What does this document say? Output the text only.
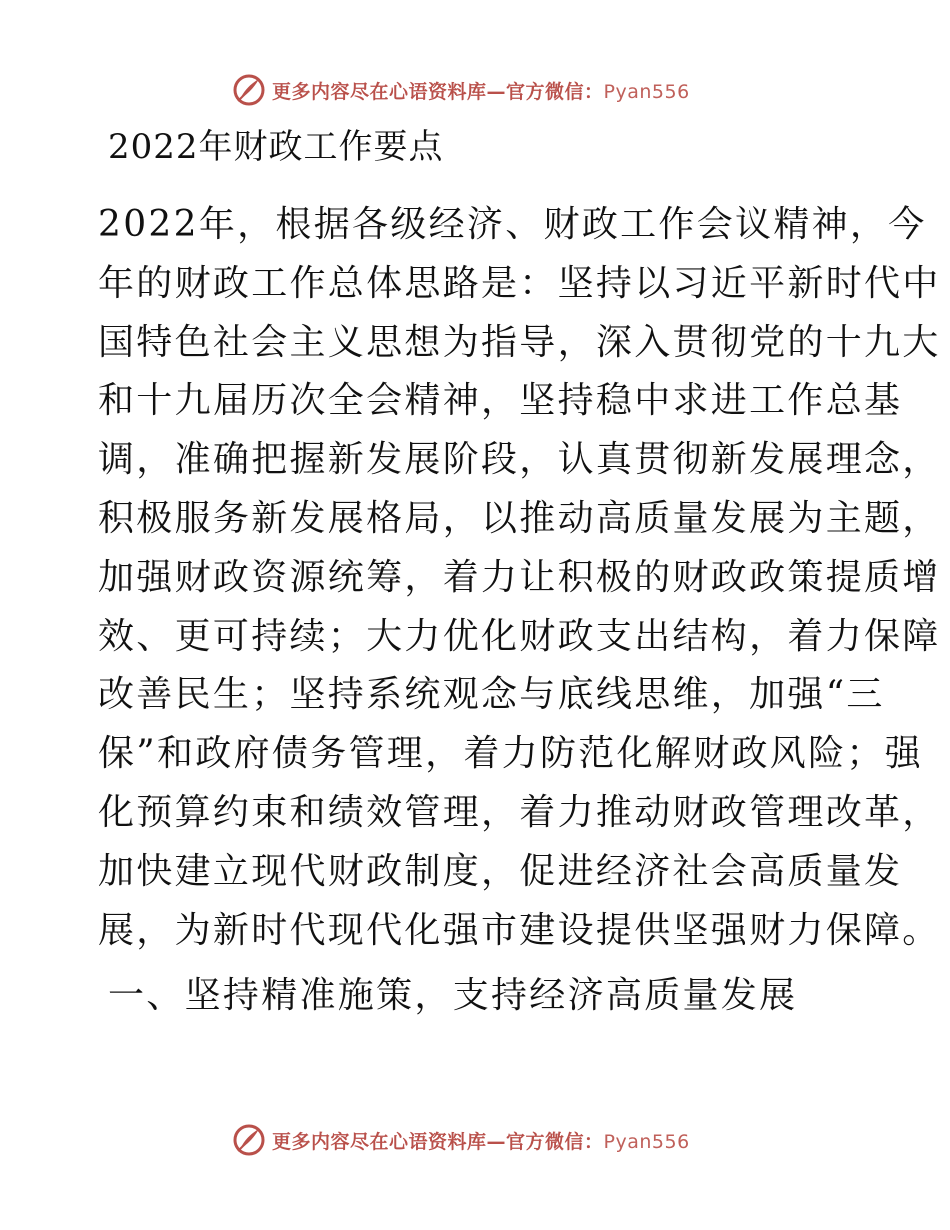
更多内容尽在心语资料库—官方微信：Pyan556
2022年财政工作要点
2022年，根据各级经济、财政工作会议精神，今
年的财政工作总体思路是：坚持以习近平新时代中
国特色社会主义思想为指导，深入贯彻党的十九大
和十九届历次全会精神，坚持稳中求进工作总基
调，准确把握新发展阶段，认真贯彻新发展理念，
积极服务新发展格局，以推动高质量发展为主题，
加强财政资源统筹，着力让积极的财政政策提质增
效、更可持续；大力优化财政支出结构，着力保障
改善民生；坚持系统观念与底线思维，加强“三
保”和政府债务管理，着力防范化解财政风险；强
化预算约束和绩效管理，着力推动财政管理改革，
加快建立现代财政制度，促进经济社会高质量发
展，为新时代现代化强市建设提供坚强财力保障。
一、坚持精准施策，支持经济高质量发展
更多内容尽在心语资料库—官方微信：Pyan556
